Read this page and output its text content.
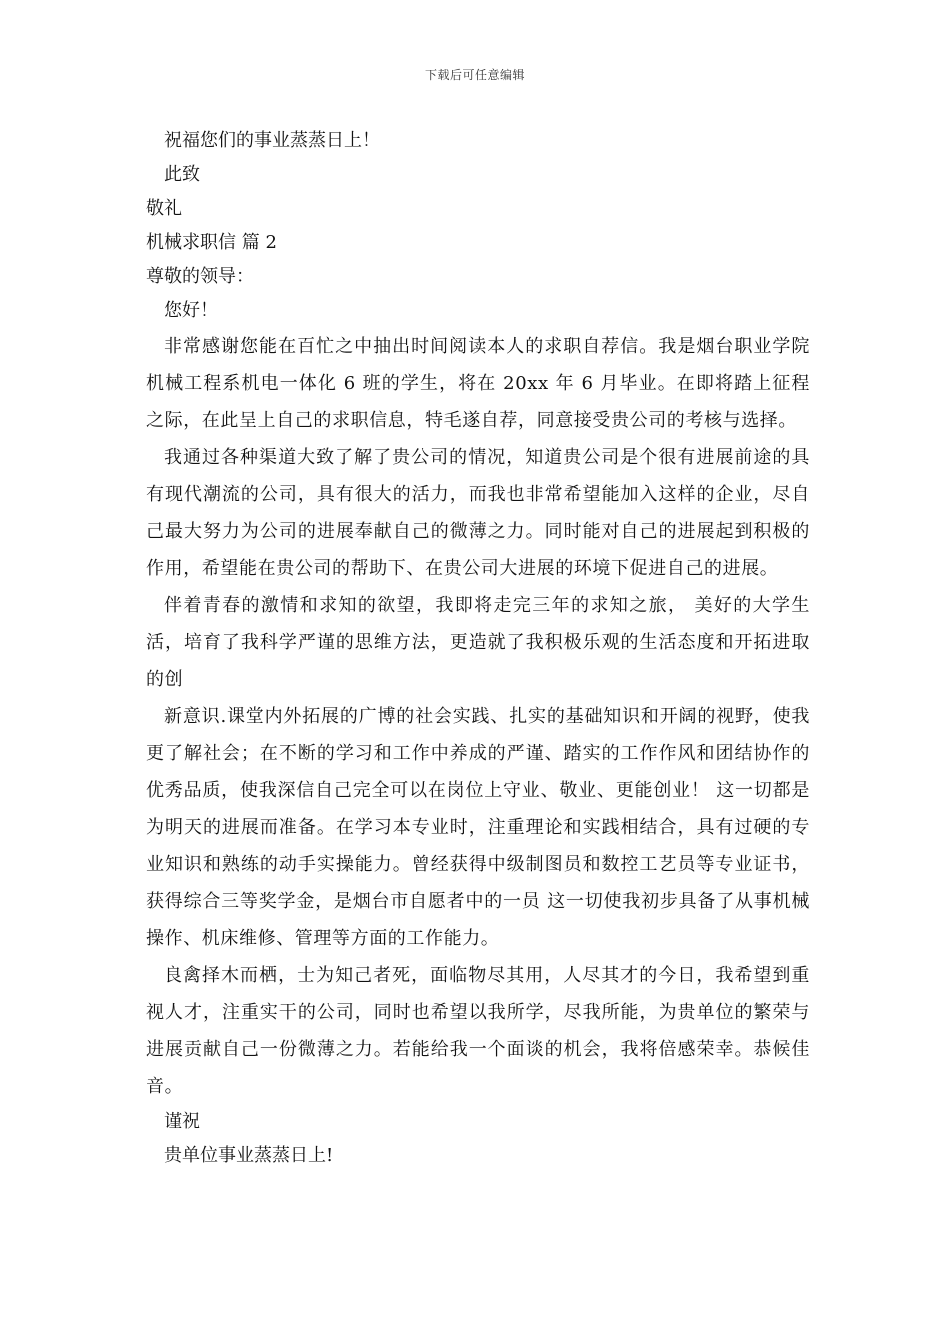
下载后可任意编辑

祝福您们的事业蒸蒸日上！

此致

敬礼

机械求职信 篇 2

尊敬的领导：

您好！

非常感谢您能在百忙之中抽出时间阅读本人的求职自荐信。我是烟台职业学院机械工程系机电一体化 6 班的学生，将在 20xx 年 6 月毕业。在即将踏上征程之际，在此呈上自己的求职信息，特毛遂自荐，同意接受贵公司的考核与选择。

我通过各种渠道大致了解了贵公司的情况，知道贵公司是个很有进展前途的具有现代潮流的公司，具有很大的活力，而我也非常希望能加入这样的企业，尽自己最大努力为公司的进展奉献自己的微薄之力。同时能对自己的进展起到积极的作用，希望能在贵公司的帮助下、在贵公司大进展的环境下促进自己的进展。

伴着青春的激情和求知的欲望，我即将走完三年的求知之旅， 美好的大学生活，培育了我科学严谨的思维方法，更造就了我积极乐观的生活态度和开拓进取的创

新意识.课堂内外拓展的广博的社会实践、扎实的基础知识和开阔的视野，使我更了解社会；在不断的学习和工作中养成的严谨、踏实的工作作风和团结协作的优秀品质，使我深信自己完全可以在岗位上守业、敬业、更能创业！ 这一切都是为明天的进展而准备。在学习本专业时，注重理论和实践相结合，具有过硬的专业知识和熟练的动手实操能力。曾经获得中级制图员和数控工艺员等专业证书，获得综合三等奖学金，是烟台市自愿者中的一员 这一切使我初步具备了从事机械操作、机床维修、管理等方面的工作能力。

良禽择木而栖，士为知己者死，面临物尽其用，人尽其才的今日，我希望到重视人才，注重实干的公司，同时也希望以我所学，尽我所能，为贵单位的繁荣与进展贡献自己一份微薄之力。若能给我一个面谈的机会，我将倍感荣幸。恭候佳音。

谨祝

贵单位事业蒸蒸日上!
